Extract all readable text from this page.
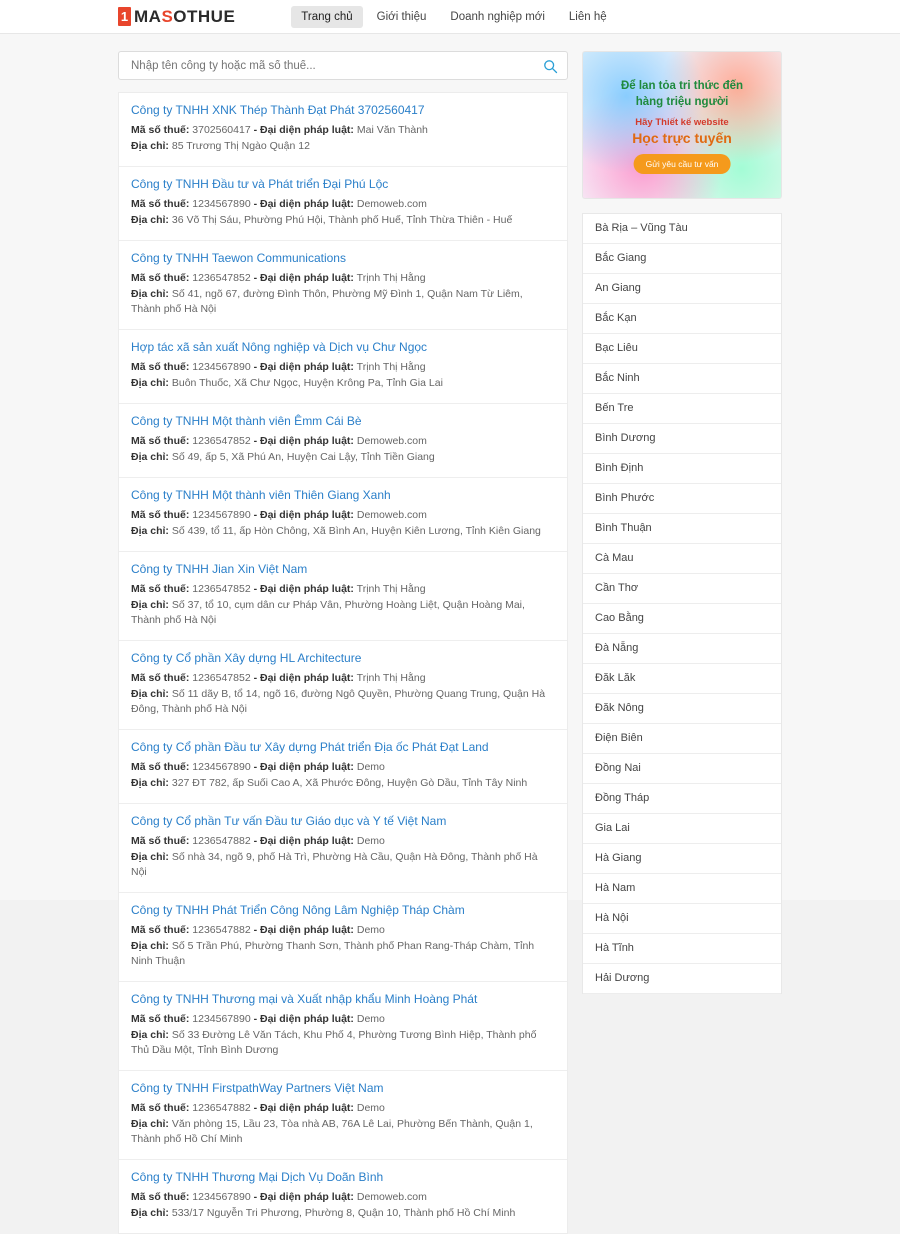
1 MASOTHUE	Trang chủ	Giới thiệu	Doanh nghiệp mới	Liên hệ
Nhập tên công ty hoặc mã số thuế...
Công ty TNHH XNK Thép Thành Đạt Phát 3702560417
Mã số thuế: 3702560417 - Đại diện pháp luật: Mai Văn Thành
Địa chỉ: 85 Trương Thị Ngào Quận 12
Công ty TNHH Đầu tư và Phát triển Đại Phú Lộc
Mã số thuế: 1234567890 - Đại diện pháp luật: Demoweb.com
Địa chỉ: 36 Võ Thị Sáu, Phường Phú Hội, Thành phố Huế, Tỉnh Thừa Thiên - Huế
Công ty TNHH Taewon Communications
Mã số thuế: 1236547852 - Đại diện pháp luật: Trịnh Thị Hằng
Địa chỉ: Số 41, ngõ 67, đường Đình Thôn, Phường Mỹ Đình 1, Quận Nam Từ Liêm, Thành phố Hà Nội
Hợp tác xã sản xuất Nông nghiệp và Dịch vụ Chư Ngọc
Mã số thuế: 1234567890 - Đại diện pháp luật: Trịnh Thị Hằng
Địa chỉ: Buôn Thuốc, Xã Chư Ngọc, Huyện Krông Pa, Tỉnh Gia Lai
Công ty TNHH Một thành viên Êmm Cái Bè
Mã số thuế: 1236547852 - Đại diện pháp luật: Demoweb.com
Địa chỉ: Số 49, ấp 5, Xã Phú An, Huyện Cai Lậy, Tỉnh Tiền Giang
Công ty TNHH Một thành viên Thiên Giang Xanh
Mã số thuế: 1234567890 - Đại diện pháp luật: Demoweb.com
Địa chỉ: Số 439, tổ 11, ấp Hòn Chông, Xã Bình An, Huyện Kiên Lương, Tỉnh Kiên Giang
Công ty TNHH Jian Xin Việt Nam
Mã số thuế: 1236547852 - Đại diện pháp luật: Trịnh Thị Hằng
Địa chỉ: Số 37, tổ 10, cụm dân cư Pháp Vân, Phường Hoàng Liệt, Quận Hoàng Mai, Thành phố Hà Nội
Công ty Cổ phần Xây dựng HL Architecture
Mã số thuế: 1236547852 - Đại diện pháp luật: Trịnh Thị Hằng
Địa chỉ: Số 11 dãy B, tổ 14, ngõ 16, đường Ngô Quyền, Phường Quang Trung, Quận Hà Đông, Thành phố Hà Nội
Công ty Cổ phần Đầu tư Xây dựng Phát triển Địa ốc Phát Đạt Land
Mã số thuế: 1234567890 - Đại diện pháp luật: Demo
Địa chỉ: 327 ĐT 782, ấp Suối Cao A, Xã Phước Đông, Huyện Gò Dầu, Tỉnh Tây Ninh
Công ty Cổ phần Tư vấn Đầu tư Giáo dục và Y tế Việt Nam
Mã số thuế: 1236547882 - Đại diện pháp luật: Demo
Địa chỉ: Số nhà 34, ngõ 9, phố Hà Trì, Phường Hà Cầu, Quận Hà Đông, Thành phố Hà Nội
Công ty TNHH Phát Triển Công Nông Lâm Nghiệp Tháp Chàm
Mã số thuế: 1236547882 - Đại diện pháp luật: Demo
Địa chỉ: Số 5 Trần Phú, Phường Thanh Sơn, Thành phố Phan Rang-Tháp Chàm, Tỉnh Ninh Thuận
Công ty TNHH Thương mại và Xuất nhập khẩu Minh Hoàng Phát
Mã số thuế: 1234567890 - Đại diện pháp luật: Demo
Địa chỉ: Số 33 Đường Lê Văn Tách, Khu Phố 4, Phường Tương Bình Hiệp, Thành phố Thủ Dầu Một, Tỉnh Bình Dương
Công ty TNHH FirstpathWay Partners Việt Nam
Mã số thuế: 1236547882 - Đại diện pháp luật: Demo
Địa chỉ: Văn phòng 15, Lầu 23, Tòa nhà AB, 76A Lê Lai, Phường Bến Thành, Quận 1, Thành phố Hồ Chí Minh
Công ty TNHH Thương Mại Dịch Vụ Doãn Bình
Mã số thuế: 1234567890 - Đại diện pháp luật: Demoweb.com
Địa chỉ: 533/17 Nguyễn Tri Phương, Phường 8, Quận 10, Thành phố Hồ Chí Minh
Để lan tỏa tri thức đến
hàng triệu người
Hãy Thiết kế website
Học trực tuyến
Gửi yêu cầu tư vấn
Bà Rịa – Vũng Tàu
Bắc Giang
An Giang
Bắc Kạn
Bạc Liêu
Bắc Ninh
Bến Tre
Bình Dương
Bình Định
Bình Phước
Bình Thuận
Cà Mau
Cần Thơ
Cao Bằng
Đà Nẵng
Đăk Lăk
Đăk Nông
Điện Biên
Đồng Nai
Đồng Tháp
Gia Lai
Hà Giang
Hà Nam
Hà Nội
Hà Tĩnh
Hải Dương
